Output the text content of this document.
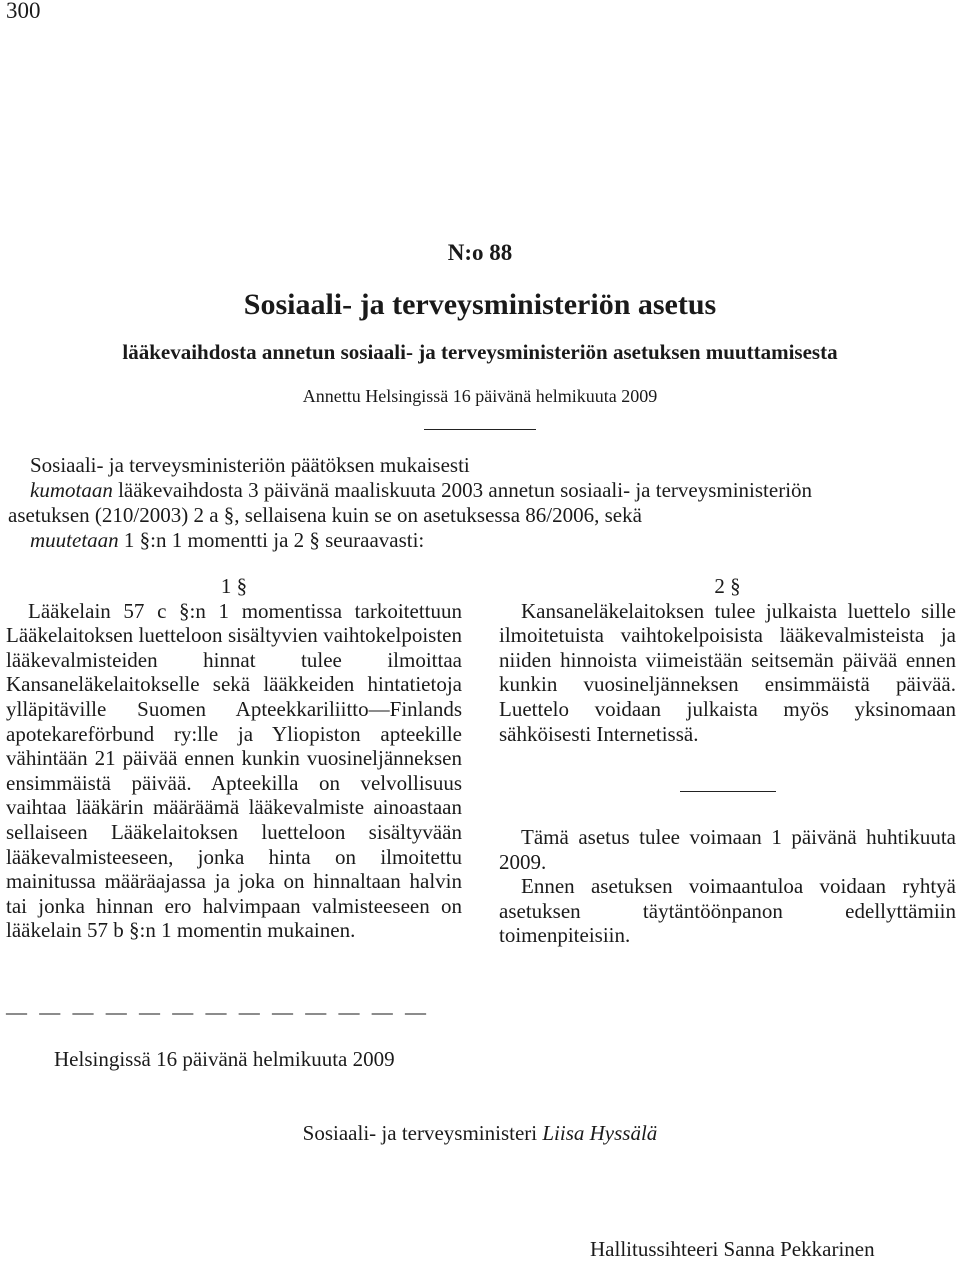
300
N:o 88
Sosiaali- ja terveysministeriön asetus
lääkevaihdosta annetun sosiaali- ja terveysministeriön asetuksen muuttamisesta
Annettu Helsingissä 16 päivänä helmikuuta 2009

Sosiaali- ja terveysministeriön päätöksen mukaisesti

kumotaan lääkevaihdosta 3 päivänä maaliskuuta 2003 annetun sosiaali- ja terveysministeriön

asetuksen (210/2003) 2 a §, sellaisena kuin se on asetuksessa 86/2006, sekä

muutetaan 1 §:n 1 momentti ja 2 § seuraavasti:

1 §

Lääkelain 57 c §:n 1 momentissa tarkoitettuun Lääkelaitoksen luetteloon sisältyvien vaihtokelpoisten lääkevalmisteiden hinnat tulee ilmoittaa Kansaneläkelaitokselle sekä lääkkeiden hintatietoja ylläpitäville Suomen Apteekkariliitto—Finlands apotekareförbund ry:lle ja Yliopiston apteekille vähintään 21 päivää ennen kunkin vuosineljänneksen ensimmäistä päivää. Apteekilla on velvollisuus vaihtaa lääkärin määräämä lääkevalmiste ainoastaan sellaiseen Lääkelaitoksen luetteloon sisältyvään lääkevalmisteeseen, jonka hinta on ilmoitettu mainitussa määräajassa ja joka on hinnaltaan halvin tai jonka hinnan ero halvimpaan valmisteeseen on lääkelain 57 b §:n 1 momentin mukainen.

— — — — — — — — — — — — —

2 §

Kansaneläkelaitoksen tulee julkaista luettelo sille ilmoitetuista vaihtokelpoisista lääkevalmisteista ja niiden hinnoista viimeistään seitsemän päivää ennen kunkin vuosineljänneksen ensimmäistä päivää. Luettelo voidaan julkaista myös yksinomaan sähköisesti Internetissä.

Tämä asetus tulee voimaan 1 päivänä huhtikuuta 2009.

Ennen asetuksen voimaantuloa voidaan ryhtyä asetuksen täytäntöönpanon edellyttämiin toimenpiteisiin.

Helsingissä 16 päivänä helmikuuta 2009
Sosiaali- ja terveysministeri Liisa Hyssälä
Hallitussihteeri Sanna Pekkarinen
